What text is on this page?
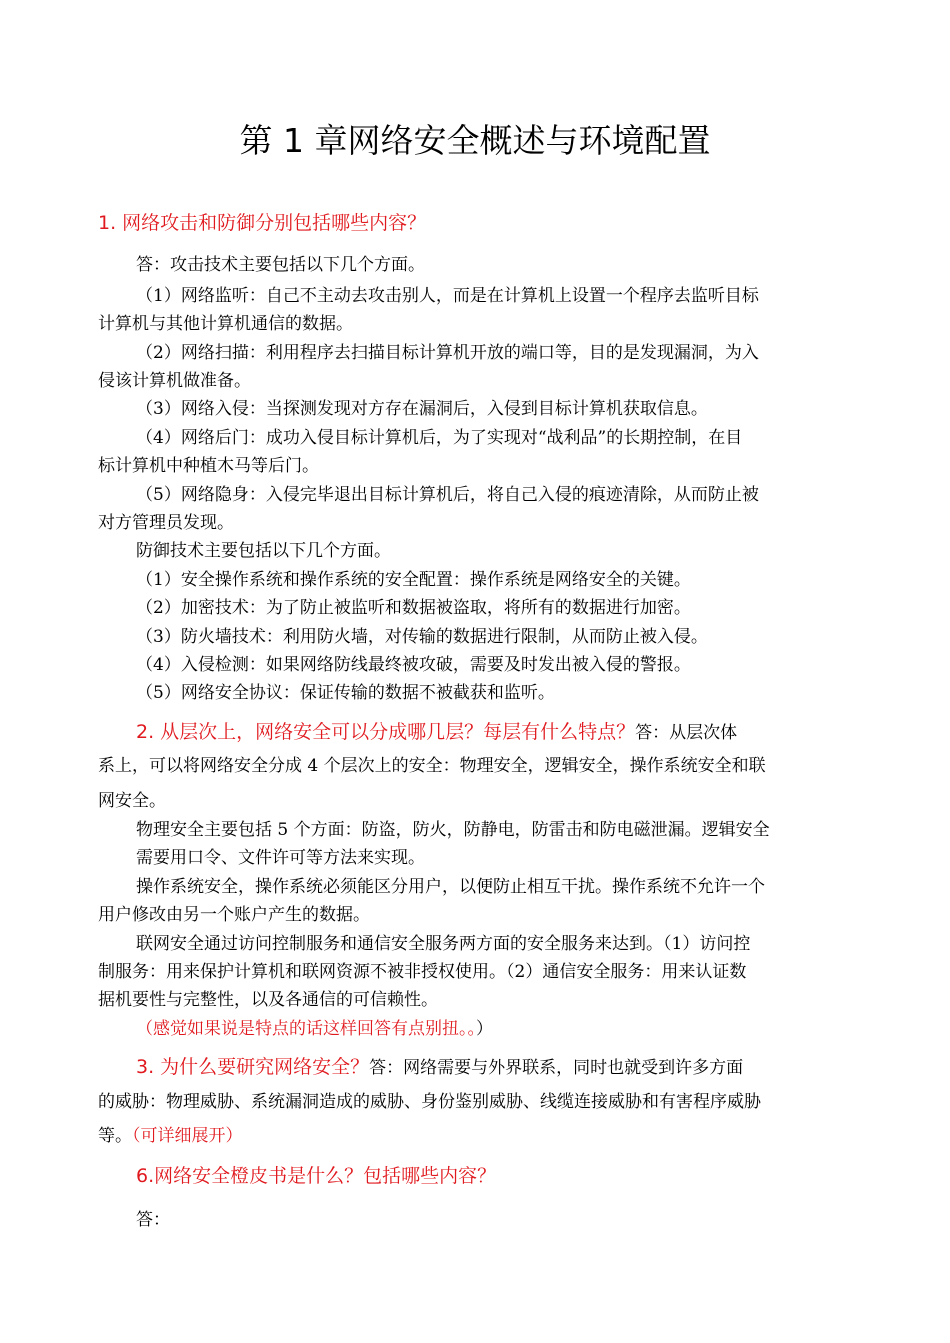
第 1 章网络安全概述与环境配置
1. 网络攻击和防御分别包括哪些内容？
答：攻击技术主要包括以下几个方面。
（1）网络监听：自己不主动去攻击别人，而是在计算机上设置一个程序去监听目标
计算机与其他计算机通信的数据。
（2）网络扫描：利用程序去扫描目标计算机开放的端口等，目的是发现漏洞，为入
侵该计算机做准备。
（3）网络入侵：当探测发现对方存在漏洞后，入侵到目标计算机获取信息。
（4）网络后门：成功入侵目标计算机后，为了实现对“战利品”的长期控制，在目
标计算机中种植木马等后门。
（5）网络隐身：入侵完毕退出目标计算机后，将自己入侵的痕迹清除，从而防止被
对方管理员发现。
防御技术主要包括以下几个方面。
（1）安全操作系统和操作系统的安全配置：操作系统是网络安全的关键。
（2）加密技术：为了防止被监听和数据被盗取，将所有的数据进行加密。
（3）防火墙技术：利用防火墙，对传输的数据进行限制，从而防止被入侵。
（4）入侵检测：如果网络防线最终被攻破，需要及时发出被入侵的警报。
（5）网络安全协议：保证传输的数据不被截获和监听。
2. 从层次上，网络安全可以分成哪几层？每层有什么特点？答：从层次体
系上，可以将网络安全分成 4 个层次上的安全：物理安全，逻辑安全，操作系统安全和联
网安全。
物理安全主要包括 5 个方面：防盗，防火，防静电，防雷击和防电磁泄漏。逻辑安全
需要用口令、文件许可等方法来实现。
操作系统安全，操作系统必须能区分用户，以便防止相互干扰。操作系统不允许一个
用户修改由另一个账户产生的数据。
联网安全通过访问控制服务和通信安全服务两方面的安全服务来达到。（1）访问控
制服务：用来保护计算机和联网资源不被非授权使用。（2）通信安全服务：用来认证数
据机要性与完整性，以及各通信的可信赖性。
（感觉如果说是特点的话这样回答有点别扭。。）
3. 为什么要研究网络安全？答：网络需要与外界联系，同时也就受到许多方面
的威胁：物理威胁、系统漏洞造成的威胁、身份鉴别威胁、线缆连接威胁和有害程序威胁
等。（可详细展开）
6.网络安全橙皮书是什么？包括哪些内容？
答：
